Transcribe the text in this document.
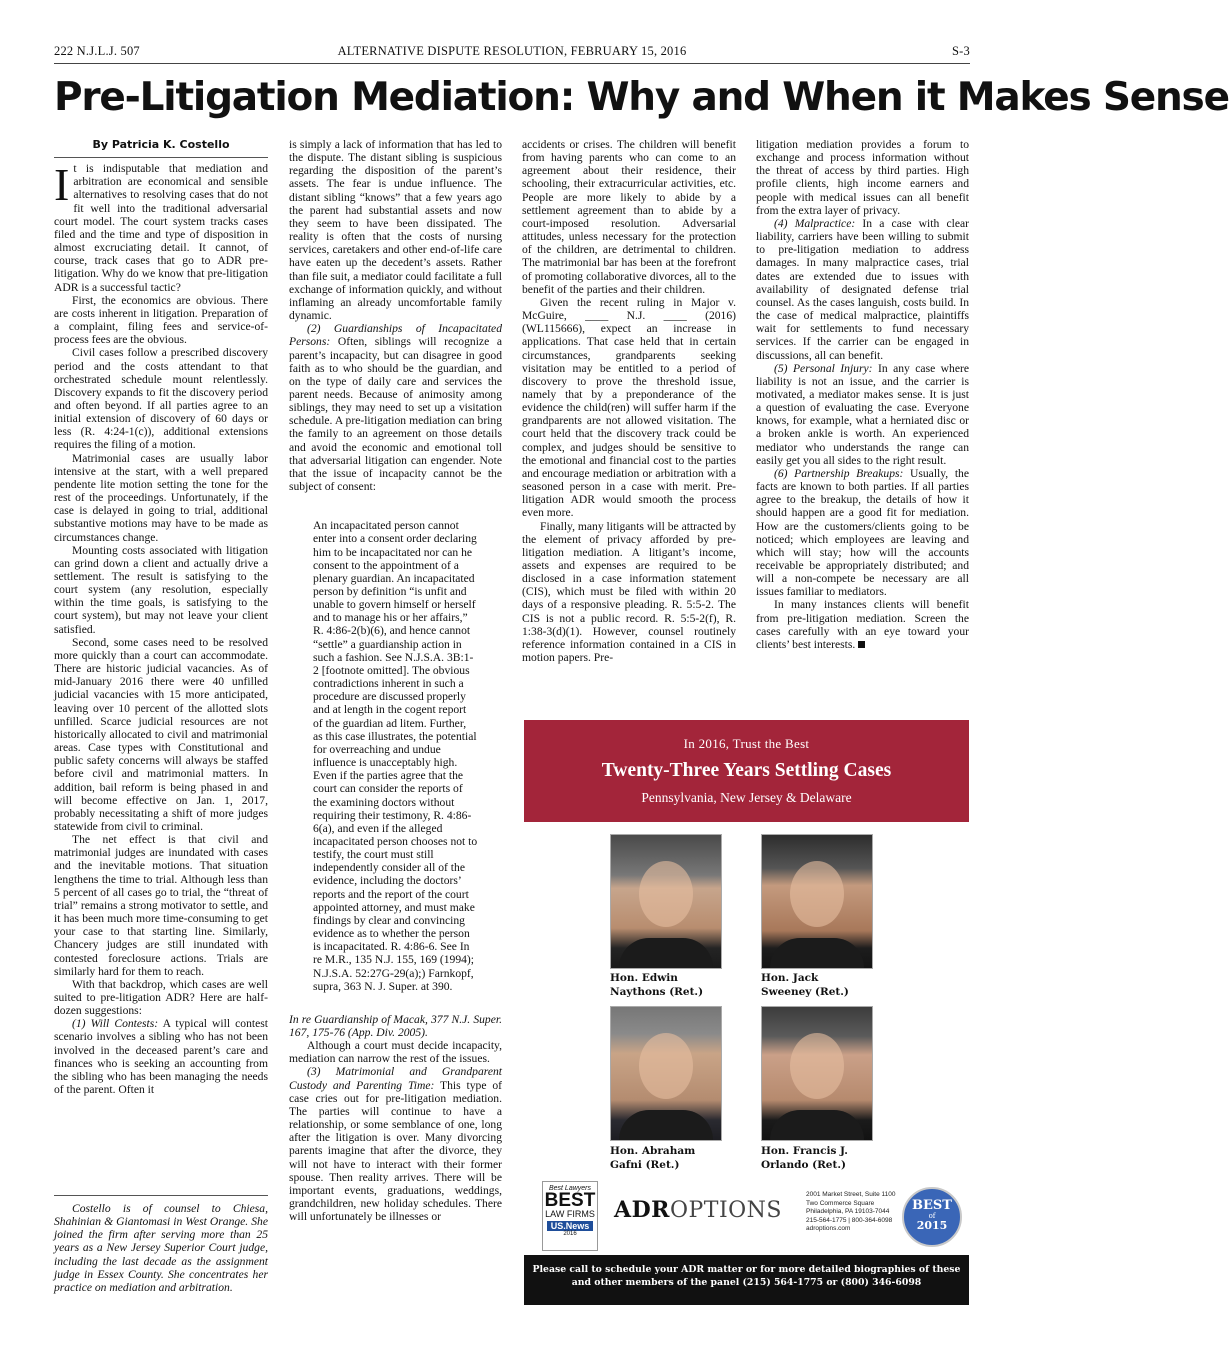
222 N.J.L.J. 507	ALTERNATIVE DISPUTE RESOLUTION, FEBRUARY 15, 2016	S-3
Pre-Litigation Mediation: Why and When it Makes Sense
By Patricia K. Costello

It is indisputable that mediation and arbitration are economical and sensible alternatives to resolving cases that do not fit well into the traditional adversarial court model. The court system tracks cases filed and the time and type of disposition in almost excruciating detail. It cannot, of course, track cases that go to ADR pre-litigation. Why do we know that pre-litigation ADR is a successful tactic?

First, the economics are obvious. There are costs inherent in litigation. Preparation of a complaint, filing fees and service-of-process fees are the obvious.

Civil cases follow a prescribed discovery period and the costs attendant to that orchestrated schedule mount relentlessly. Discovery expands to fit the discovery period and often beyond. If all parties agree to an initial extension of discovery of 60 days or less (R. 4:24-1(c)), additional extensions requires the filing of a motion.

Matrimonial cases are usually labor intensive at the start, with a well prepared pendente lite motion setting the tone for the rest of the proceedings. Unfortunately, if the case is delayed in going to trial, additional substantive motions may have to be made as circumstances change.

Mounting costs associated with litigation can grind down a client and actually drive a settlement. The result is satisfying to the court system (any resolution, especially within the time goals, is satisfying to the court system), but may not leave your client satisfied.

Second, some cases need to be resolved more quickly than a court can accommodate. There are historic judicial vacancies. As of mid-January 2016 there were 40 unfilled judicial vacancies with 15 more anticipated, leaving over 10 percent of the allotted slots unfilled. Scarce judicial resources are not historically allocated to civil and matrimonial areas. Case types with Constitutional and public safety concerns will always be staffed before civil and matrimonial matters. In addition, bail reform is being phased in and will become effective on Jan. 1, 2017, probably necessitating a shift of more judges statewide from civil to criminal.

The net effect is that civil and matrimonial judges are inundated with cases and the inevitable motions. That situation lengthens the time to trial. Although less than 5 percent of all cases go to trial, the “threat of trial” remains a strong motivator to settle, and it has been much more time-consuming to get your case to that starting line. Similarly, Chancery judges are still inundated with contested foreclosure actions. Trials are similarly hard for them to reach.

With that backdrop, which cases are well suited to pre-litigation ADR? Here are half-dozen suggestions:

(1) Will Contests: A typical will contest scenario involves a sibling who has not been involved in the deceased parent’s care and finances who is seeking an accounting from the sibling who has been managing the needs of the parent. Often it

Costello is of counsel to Chiesa, Shahinian & Giantomasi in West Orange. She joined the firm after serving more than 25 years as a New Jersey Superior Court judge, including the last decade as the assignment judge in Essex County. She concentrates her practice on mediation and arbitration.

is simply a lack of information that has led to the dispute. The distant sibling is suspicious regarding the disposition of the parent’s assets. The fear is undue influence. The distant sibling “knows” that a few years ago the parent had substantial assets and now they seem to have been dissipated. The reality is often that the costs of nursing services, caretakers and other end-of-life care have eaten up the decedent’s assets. Rather than file suit, a mediator could facilitate a full exchange of information quickly, and without inflaming an already uncomfortable family dynamic.

(2) Guardianships of Incapacitated Persons: Often, siblings will recognize a parent’s incapacity, but can disagree in good faith as to who should be the guardian, and on the type of daily care and services the parent needs. Because of animosity among siblings, they may need to set up a visitation schedule. A pre-litigation mediation can bring the family to an agreement on those details and avoid the economic and emotional toll that adversarial litigation can engender. Note that the issue of incapacity cannot be the subject of consent:

An incapacitated person cannot enter into a consent order declaring him to be incapacitated nor can he consent to the appointment of a plenary guardian. An incapacitated person by definition “is unfit and unable to govern himself or herself and to manage his or her affairs,” R. 4:86-2(b)(6), and hence cannot “settle” a guardianship action in such a fashion. See N.J.S.A. 3B:1-2 [footnote omitted]. The obvious contradictions inherent in such a procedure are discussed properly and at length in the cogent report of the guardian ad litem. Further, as this case illustrates, the potential for overreaching and undue influence is unacceptably high. Even if the parties agree that the court can consider the reports of the examining doctors without requiring their testimony, R. 4:86-6(a), and even if the alleged incapacitated person chooses not to testify, the court must still independently consider all of the evidence, including the doctors’ reports and the report of the court appointed attorney, and must make findings by clear and convincing evidence as to whether the person is incapacitated. R. 4:86-6. See In re M.R., 135 N.J. 155, 169 (1994); N.J.S.A. 52:27G-29(a);) Farnkopf, supra, 363 N. J. Super. at 390.

In re Guardianship of Macak, 377 N.J. Super. 167, 175-76 (App. Div. 2005).

Although a court must decide incapacity, mediation can narrow the rest of the issues.

(3) Matrimonial and Grandparent Custody and Parenting Time: This type of case cries out for pre-litigation mediation. The parties will continue to have a relationship, or some semblance of one, long after the litigation is over. Many divorcing parents imagine that after the divorce, they will not have to interact with their former spouse. Then reality arrives. There will be important events, graduations, weddings, grandchildren, new holiday schedules. There will unfortunately be illnesses or

accidents or crises. The children will benefit from having parents who can come to an agreement about their residence, their schooling, their extracurricular activities, etc. People are more likely to abide by a settlement agreement than to abide by a court-imposed resolution. Adversarial attitudes, unless necessary for the protection of the children, are detrimental to children. The matrimonial bar has been at the forefront of promoting collaborative divorces, all to the benefit of the parties and their children.

Given the recent ruling in Major v. McGuire, ____ N.J. ____ (2016) (WL115666), expect an increase in applications. That case held that in certain circumstances, grandparents seeking visitation may be entitled to a period of discovery to prove the threshold issue, namely that by a preponderance of the evidence the child(ren) will suffer harm if the grandparents are not allowed visitation. The court held that the discovery track could be complex, and judges should be sensitive to the emotional and financial cost to the parties and encourage mediation or arbitration with a seasoned person in a case with merit. Pre-litigation ADR would smooth the process even more.

Finally, many litigants will be attracted by the element of privacy afforded by pre-litigation mediation. A litigant’s income, assets and expenses are required to be disclosed in a case information statement (CIS), which must be filed with within 20 days of a responsive pleading. R. 5:5-2. The CIS is not a public record. R. 5:5-2(f), R. 1:38-3(d)(1). However, counsel routinely reference information contained in a CIS in motion papers. Pre-

litigation mediation provides a forum to exchange and process information without the threat of access by third parties. High profile clients, high income earners and people with medical issues can all benefit from the extra layer of privacy.

(4) Malpractice: In a case with clear liability, carriers have been willing to submit to pre-litigation mediation to address damages. In many malpractice cases, trial dates are extended due to issues with availability of designated defense trial counsel. As the cases languish, costs build. In the case of medical malpractice, plaintiffs wait for settlements to fund necessary services. If the carrier can be engaged in discussions, all can benefit.

(5) Personal Injury: In any case where liability is not an issue, and the carrier is motivated, a mediator makes sense. It is just a question of evaluating the case. Everyone knows, for example, what a herniated disc or a broken ankle is worth. An experienced mediator who understands the range can easily get you all sides to the right result.

(6) Partnership Breakups: Usually, the facts are known to both parties. If all parties agree to the breakup, the details of how it should happen are a good fit for mediation. How are the customers/clients going to be noticed; which employees are leaving and which will stay; how will the accounts receivable be appropriately distributed; and will a non-compete be necessary are all issues familiar to mediators.

In many instances clients will benefit from pre-litigation mediation. Screen the cases carefully with an eye toward your clients’ best interests.

In 2016, Trust the Best
Twenty-Three Years Settling Cases
Pennsylvania, New Jersey & Delaware
Hon. Edwin
Naythons (Ret.)
Hon. Jack
Sweeney (Ret.)
Hon. Abraham
Gafni (Ret.)
Hon. Francis J.
Orlando (Ret.)
Best Lawyers
BEST
LAW FIRMS
US.News
2016
ADROPTIONS
2001 Market Street, Suite 1100
Two Commerce Square
Philadelphia, PA 19103-7044
215-564-1775 | 800-364-6098
adroptions.com
BEST
of
2015
Please call to schedule your ADR matter or for more detailed biographies of these
and other members of the panel (215) 564-1775 or (800) 346-6098
